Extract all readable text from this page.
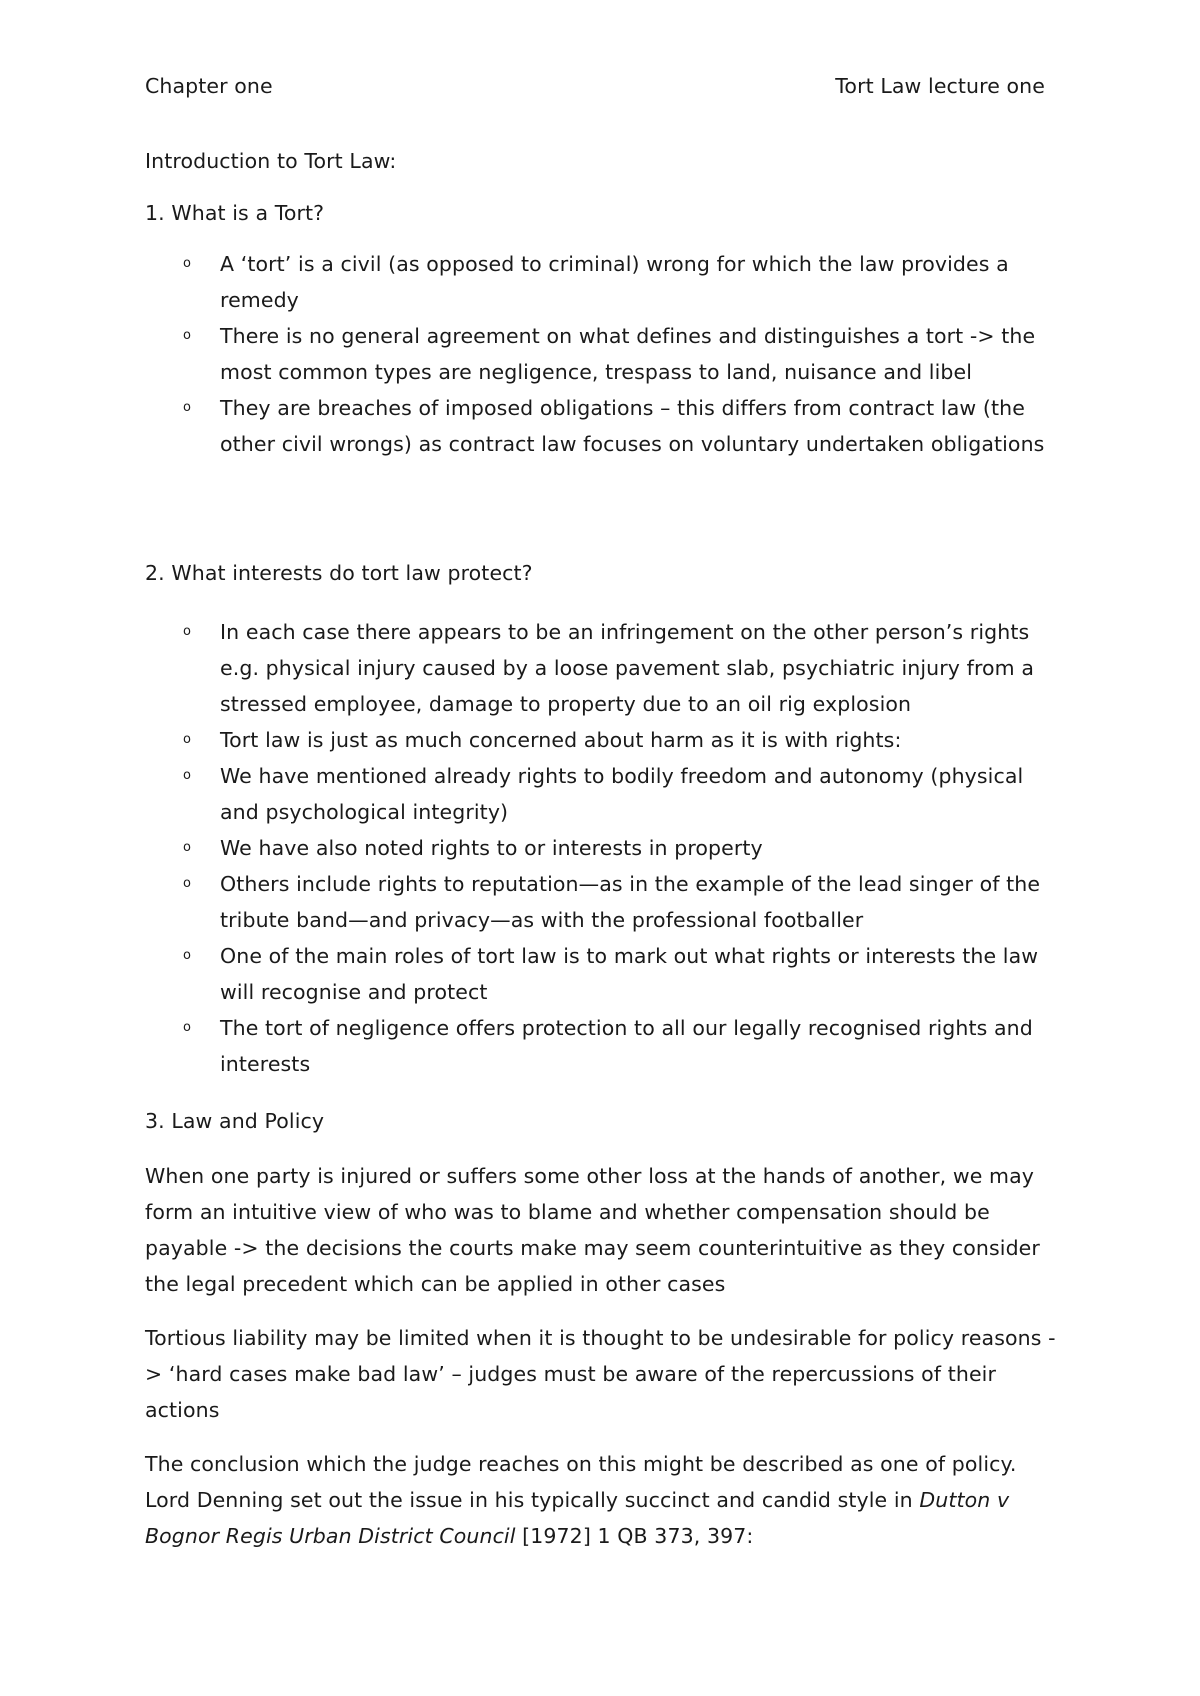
Chapter one	Tort Law lecture one
Introduction to Tort Law:
1. What is a Tort?
o A ‘tort’ is a civil (as opposed to criminal) wrong for which the law provides a remedy
o There is no general agreement on what defines and distinguishes a tort -> the most common types are negligence, trespass to land, nuisance and libel
o They are breaches of imposed obligations – this differs from contract law (the other civil wrongs) as contract law focuses on voluntary undertaken obligations
2. What interests do tort law protect?
o In each case there appears to be an infringement on the other person’s rights e.g. physical injury caused by a loose pavement slab, psychiatric injury from a stressed employee, damage to property due to an oil rig explosion
o Tort law is just as much concerned about harm as it is with rights:
o We have mentioned already rights to bodily freedom and autonomy (physical and psychological integrity)
o We have also noted rights to or interests in property
o Others include rights to reputation—as in the example of the lead singer of the tribute band—and privacy—as with the professional footballer
o One of the main roles of tort law is to mark out what rights or interests the law will recognise and protect
o The tort of negligence offers protection to all our legally recognised rights and interests
3. Law and Policy

When one party is injured or suffers some other loss at the hands of another, we may form an intuitive view of who was to blame and whether compensation should be payable -> the decisions the courts make may seem counterintuitive as they consider the legal precedent which can be applied in other cases

Tortious liability may be limited when it is thought to be undesirable for policy reasons -> ‘hard cases make bad law’ – judges must be aware of the repercussions of their actions

The conclusion which the judge reaches on this might be described as one of policy. Lord Denning set out the issue in his typically succinct and candid style in Dutton v Bognor Regis Urban District Council [1972] 1 QB 373, 397:
